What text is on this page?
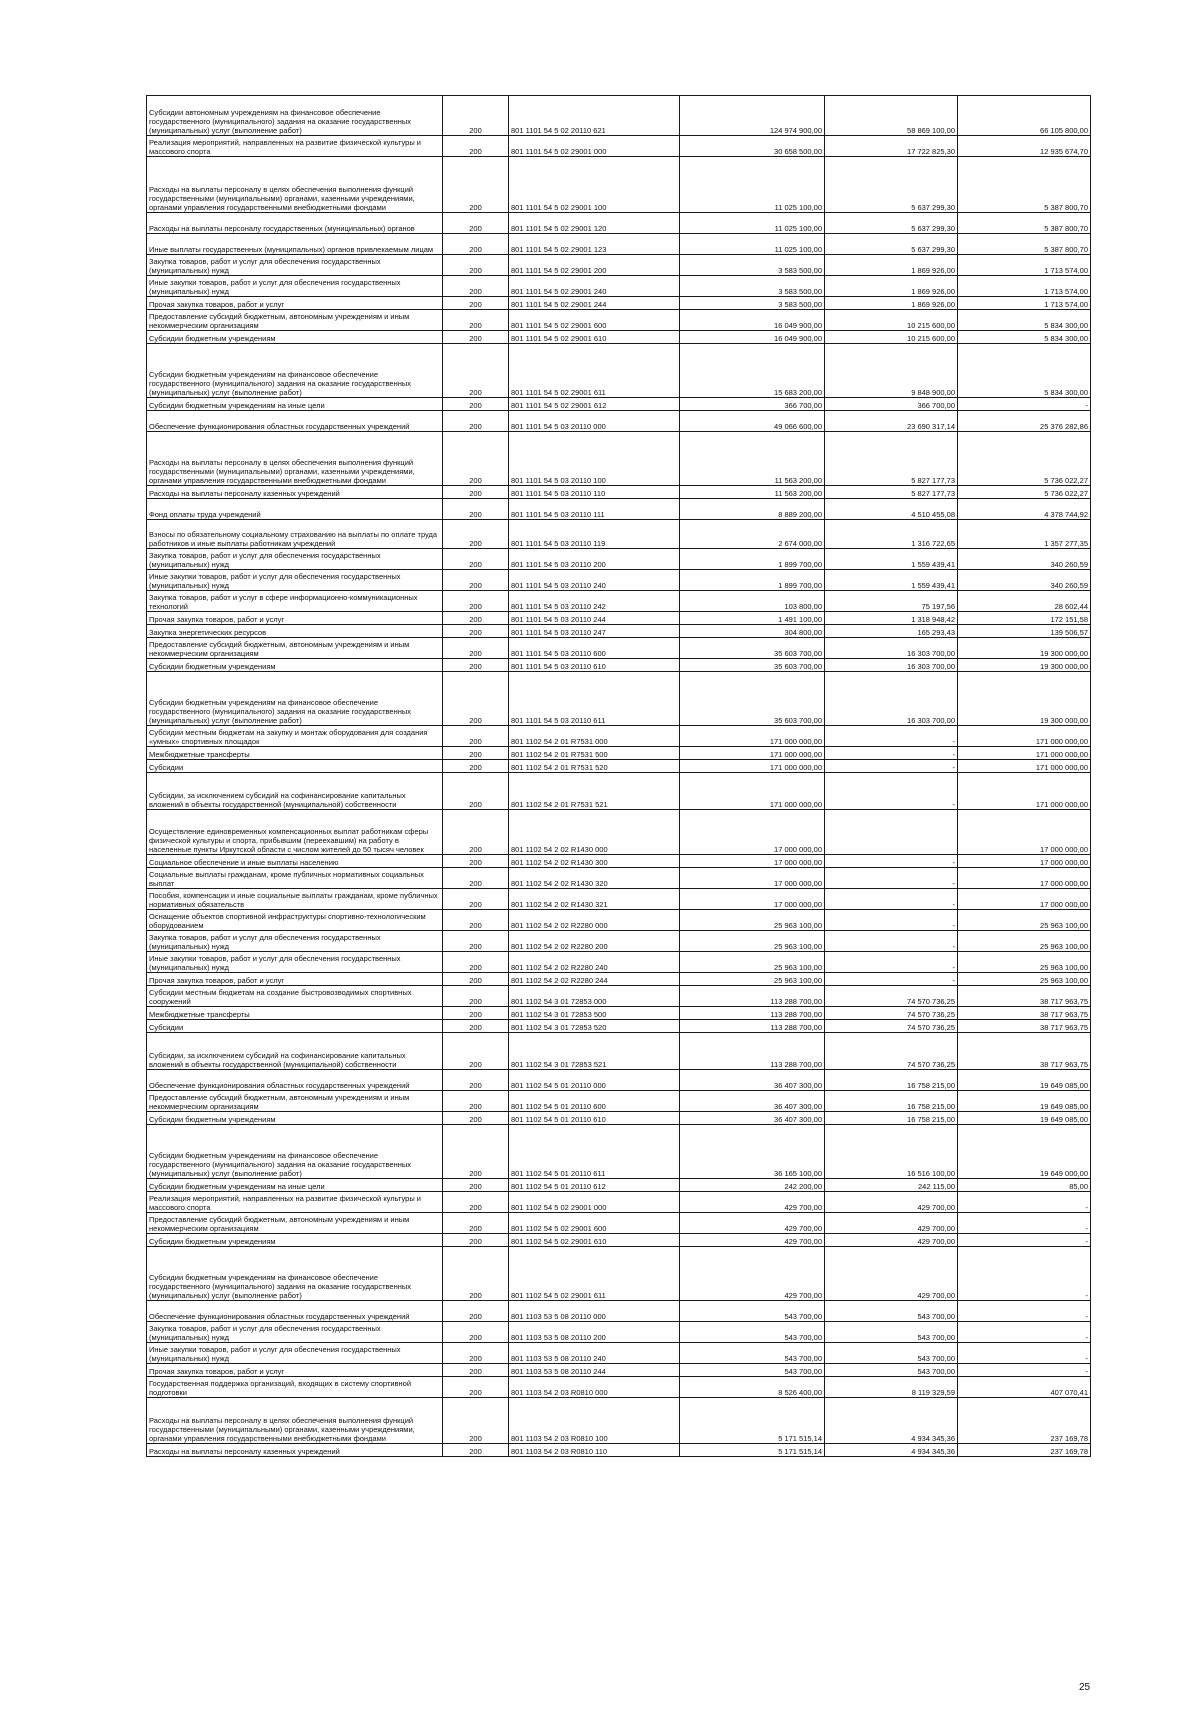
Субсидии автономным учреждениям на финансовое обеспечение государственного (муниципального) задания на оказание государственных (муниципальных) услуг (выполнение работ)	200	801 1101 54 5 02 20110 621	124 974 900,00	58 869 100,00	66 105 800,00
Реализация мероприятий, направленных на развитие физической культуры и массового спорта	200	801 1101 54 5 02 29001 000	30 658 500,00	17 722 825,30	12 935 674,70
Расходы на выплаты персоналу в целях обеспечения выполнения функций государственными (муниципальными) органами, казенными учреждениями, органами управления государственными внебюджетными фондами	200	801 1101 54 5 02 29001 100	11 025 100,00	5 637 299,30	5 387 800,70
Расходы на выплаты персоналу государственных (муниципальных) органов	200	801 1101 54 5 02 29001 120	11 025 100,00	5 637 299,30	5 387 800,70
Иные выплаты государственных (муниципальных) органов привлекаемым лицам	200	801 1101 54 5 02 29001 123	11 025 100,00	5 637 299,30	5 387 800,70
Закупка товаров, работ и услуг для обеспечения государственных (муниципальных) нужд	200	801 1101 54 5 02 29001 200	3 583 500,00	1 869 926,00	1 713 574,00
Иные закупки товаров, работ и услуг для обеспечения государственных (муниципальных) нужд	200	801 1101 54 5 02 29001 240	3 583 500,00	1 869 926,00	1 713 574,00
Прочая закупка товаров, работ и услуг	200	801 1101 54 5 02 29001 244	3 583 500,00	1 869 926,00	1 713 574,00
Предоставление субсидий бюджетным, автономным учреждениям и иным некоммерческим организациям	200	801 1101 54 5 02 29001 600	16 049 900,00	10 215 600,00	5 834 300,00
Субсидии бюджетным учреждениям	200	801 1101 54 5 02 29001 610	16 049 900,00	10 215 600,00	5 834 300,00
Субсидии бюджетным учреждениям на финансовое обеспечение государственного (муниципального) задания на оказание государственных (муниципальных) услуг (выполнение работ)	200	801 1101 54 5 02 29001 611	15 683 200,00	9 848 900,00	5 834 300,00
Субсидии бюджетным учреждениям на иные цели	200	801 1101 54 5 02 29001 612	366 700,00	366 700,00	-
Обеспечение функционирования областных государственных учреждений	200	801 1101 54 5 03 20110 000	49 066 600,00	23 690 317,14	25 376 282,86
Расходы на выплаты персоналу в целях обеспечения выполнения функций государственными (муниципальными) органами, казенными учреждениями, органами управления государственными внебюджетными фондами	200	801 1101 54 5 03 20110 100	11 563 200,00	5 827 177,73	5 736 022,27
Расходы на выплаты персоналу казенных учреждений	200	801 1101 54 5 03 20110 110	11 563 200,00	5 827 177,73	5 736 022,27
Фонд оплаты труда учреждений	200	801 1101 54 5 03 20110 111	8 889 200,00	4 510 455,08	4 378 744,92
Взносы по обязательному социальному страхованию на выплаты по оплате труда работников и иные выплаты работникам учреждений	200	801 1101 54 5 03 20110 119	2 674 000,00	1 316 722,65	1 357 277,35
Закупка товаров, работ и услуг для обеспечения государственных (муниципальных) нужд	200	801 1101 54 5 03 20110 200	1 899 700,00	1 559 439,41	340 260,59
Иные закупки товаров, работ и услуг для обеспечения государственных (муниципальных) нужд	200	801 1101 54 5 03 20110 240	1 899 700,00	1 559 439,41	340 260,59
Закупка товаров, работ и услуг в сфере информационно-коммуникационных технологий	200	801 1101 54 5 03 20110 242	103 800,00	75 197,56	28 602,44
Прочая закупка товаров, работ и услуг	200	801 1101 54 5 03 20110 244	1 491 100,00	1 318 948,42	172 151,58
Закупка энергетических ресурсов	200	801 1101 54 5 03 20110 247	304 800,00	165 293,43	139 506,57
Предоставление субсидий бюджетным, автономным учреждениям и иным некоммерческим организациям	200	801 1101 54 5 03 20110 600	35 603 700,00	16 303 700,00	19 300 000,00
Субсидии бюджетным учреждениям	200	801 1101 54 5 03 20110 610	35 603 700,00	16 303 700,00	19 300 000,00
Субсидии бюджетным учреждениям на финансовое обеспечение государственного (муниципального) задания на оказание государственных (муниципальных) услуг (выполнение работ)	200	801 1101 54 5 03 20110 611	35 603 700,00	16 303 700,00	19 300 000,00
Субсидии местным бюджетам на закупку и монтаж оборудования для создания «умных» спортивных площадок	200	801 1102 54 2 01 R7531 000	171 000 000,00	-	171 000 000,00
Межбюджетные трансферты	200	801 1102 54 2 01 R7531 500	171 000 000,00	-	171 000 000,00
Субсидии	200	801 1102 54 2 01 R7531 520	171 000 000,00	-	171 000 000,00
Субсидии, за исключением субсидий на софинансирование капитальных вложений в объекты государственной (муниципальной) собственности	200	801 1102 54 2 01 R7531 521	171 000 000,00	-	171 000 000,00
Осуществление единовременных компенсационных выплат работникам сферы физической культуры и спорта, прибывшим (переехавшим) на работу в населенные пункты Иркутской области с числом жителей до 50 тысяч человек	200	801 1102 54 2 02 R1430 000	17 000 000,00		17 000 000,00
Социальное обеспечение и иные выплаты населению	200	801 1102 54 2 02 R1430 300	17 000 000,00	-	17 000 000,00
Социальные выплаты гражданам, кроме публичных нормативных социальных выплат	200	801 1102 54 2 02 R1430 320	17 000 000,00	-	17 000 000,00
Пособия, компенсации и иные социальные выплаты гражданам, кроме публичных нормативных обязательств	200	801 1102 54 2 02 R1430 321	17 000 000,00	-	17 000 000,00
Оснащение объектов спортивной инфраструктуры спортивно-технологическим оборудованием	200	801 1102 54 2 02 R2280 000	25 963 100,00	-	25 963 100,00
Закупка товаров, работ и услуг для обеспечения государственных (муниципальных) нужд	200	801 1102 54 2 02 R2280 200	25 963 100,00	-	25 963 100,00
Иные закупки товаров, работ и услуг для обеспечения государственных (муниципальных) нужд	200	801 1102 54 2 02 R2280 240	25 963 100,00	-	25 963 100,00
Прочая закупка товаров, работ и услуг	200	801 1102 54 2 02 R2280 244	25 963 100,00	-	25 963 100,00
Субсидии местным бюджетам на создание быстровозводимых спортивных сооружений	200	801 1102 54 3 01 72853 000	113 288 700,00	74 570 736,25	38 717 963,75
Межбюджетные трансферты	200	801 1102 54 3 01 72853 500	113 288 700,00	74 570 736,25	38 717 963,75
Субсидии	200	801 1102 54 3 01 72853 520	113 288 700,00	74 570 736,25	38 717 963,75
Субсидии, за исключением субсидий на софинансирование капитальных вложений в объекты государственной (муниципальной) собственности	200	801 1102 54 3 01 72853 521	113 288 700,00	74 570 736,25	38 717 963,75
Обеспечение функционирования областных государственных учреждений	200	801 1102 54 5 01 20110 000	36 407 300,00	16 758 215,00	19 649 085,00
Предоставление субсидий бюджетным, автономным учреждениям и иным некоммерческим организациям	200	801 1102 54 5 01 20110 600	36 407 300,00	16 758 215,00	19 649 085,00
Субсидии бюджетным учреждениям	200	801 1102 54 5 01 20110 610	36 407 300,00	16 758 215,00	19 649 085,00
Субсидии бюджетным учреждениям на финансовое обеспечение государственного (муниципального) задания на оказание государственных (муниципальных) услуг (выполнение работ)	200	801 1102 54 5 01 20110 611	36 165 100,00	16 516 100,00	19 649 000,00
Субсидии бюджетным учреждениям на иные цели	200	801 1102 54 5 01 20110 612	242 200,00	242 115,00	85,00
Реализация мероприятий, направленных на развитие физической культуры и массового спорта	200	801 1102 54 5 02 29001 000	429 700,00	429 700,00	-
Предоставление субсидий бюджетным, автономным учреждениям и иным некоммерческим организациям	200	801 1102 54 5 02 29001 600	429 700,00	429 700,00	-
Субсидии бюджетным учреждениям	200	801 1102 54 5 02 29001 610	429 700,00	429 700,00	-
Субсидии бюджетным учреждениям на финансовое обеспечение государственного (муниципального) задания на оказание государственных (муниципальных) услуг (выполнение работ)	200	801 1102 54 5 02 29001 611	429 700,00	429 700,00	-
Обеспечение функционирования областных государственных учреждений	200	801 1103 53 5 08 20110 000	543 700,00	543 700,00	-
Закупка товаров, работ и услуг для обеспечения государственных (муниципальных) нужд	200	801 1103 53 5 08 20110 200	543 700,00	543 700,00	-
Иные закупки товаров, работ и услуг для обеспечения государственных (муниципальных) нужд	200	801 1103 53 5 08 20110 240	543 700,00	543 700,00	-
Прочая закупка товаров, работ и услуг	200	801 1103 53 5 08 20110 244	543 700,00	543 700,00	-
Государственная поддержка организаций, входящих в систему спортивной подготовки	200	801 1103 54 2 03 R0810 000	8 526 400,00	8 119 329,59	407 070,41
Расходы на выплаты персоналу в целях обеспечения выполнения функций государственными (муниципальными) органами, казенными учреждениями, органами управления государственными внебюджетными фондами	200	801 1103 54 2 03 R0810 100	5 171 515,14	4 934 345,36	237 169,78
Расходы на выплаты персоналу казенных учреждений	200	801 1103 54 2 03 R0810 110	5 171 515,14	4 934 345,36	237 169,78
25
